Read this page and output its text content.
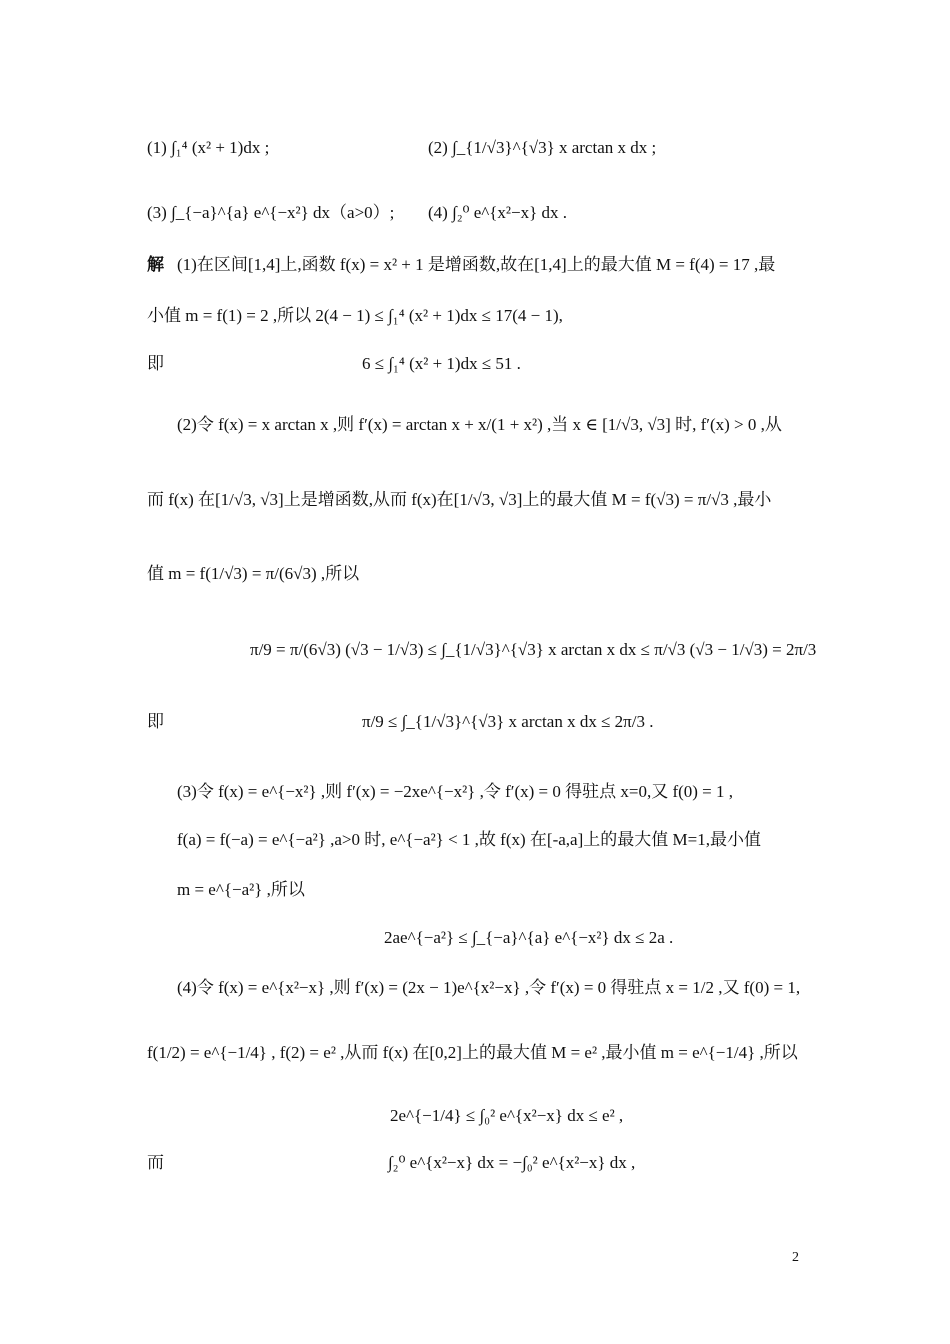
(1) ∫₁⁴ (x² + 1)dx ;	(2) ∫_{1/√3}^{√3} x arctan x dx ;
(3) ∫_{−a}^{a} e^{−x²} dx（a>0）; (4) ∫₂⁰ e^{x²−x} dx .
解 (1)在区间[1,4]上,函数 f(x) = x² + 1 是增函数,故在[1,4]上的最大值 M = f(4) = 17 ,最
小值 m = f(1) = 2 ,所以 2(4 − 1) ≤ ∫₁⁴ (x² + 1)dx ≤ 17(4 − 1),
即	6 ≤ ∫₁⁴ (x² + 1)dx ≤ 51 .
(2)令 f(x) = x arctan x ,则 f′(x) = arctan x + x/(1 + x²) ,当 x ∈ [1/√3, √3] 时, f′(x) > 0 ,从
而 f(x) 在[1/√3, √3]上是增函数,从而 f(x)在[1/√3, √3]上的最大值 M = f(√3) = π/√3 ,最小
值 m = f(1/√3) = π/(6√3) ,所以
π/9 = π/(6√3) (√3 − 1/√3) ≤ ∫_{1/√3}^{√3} x arctan x dx ≤ π/√3 (√3 − 1/√3) = 2π/3
即	π/9 ≤ ∫_{1/√3}^{√3} x arctan x dx ≤ 2π/3 .
(3)令 f(x) = e^{−x²} ,则 f′(x) = −2xe^{−x²} ,令 f′(x) = 0 得驻点 x=0,又 f(0) = 1 ,
f(a) = f(−a) = e^{−a²} ,a>0 时, e^{−a²} < 1 ,故 f(x) 在[-a,a]上的最大值 M=1,最小值
m = e^{−a²} ,所以
2ae^{−a²} ≤ ∫_{−a}^{a} e^{−x²} dx ≤ 2a .
(4)令 f(x) = e^{x²−x} ,则 f′(x) = (2x − 1)e^{x²−x} ,令 f′(x) = 0 得驻点 x = 1/2 ,又 f(0) = 1,
f(1/2) = e^{−1/4} , f(2) = e² ,从而 f(x) 在[0,2]上的最大值 M = e² ,最小值 m = e^{−1/4} ,所以
2e^{−1/4} ≤ ∫₀² e^{x²−x} dx ≤ e² ,
而	∫₂⁰ e^{x²−x} dx = −∫₀² e^{x²−x} dx ,
2
